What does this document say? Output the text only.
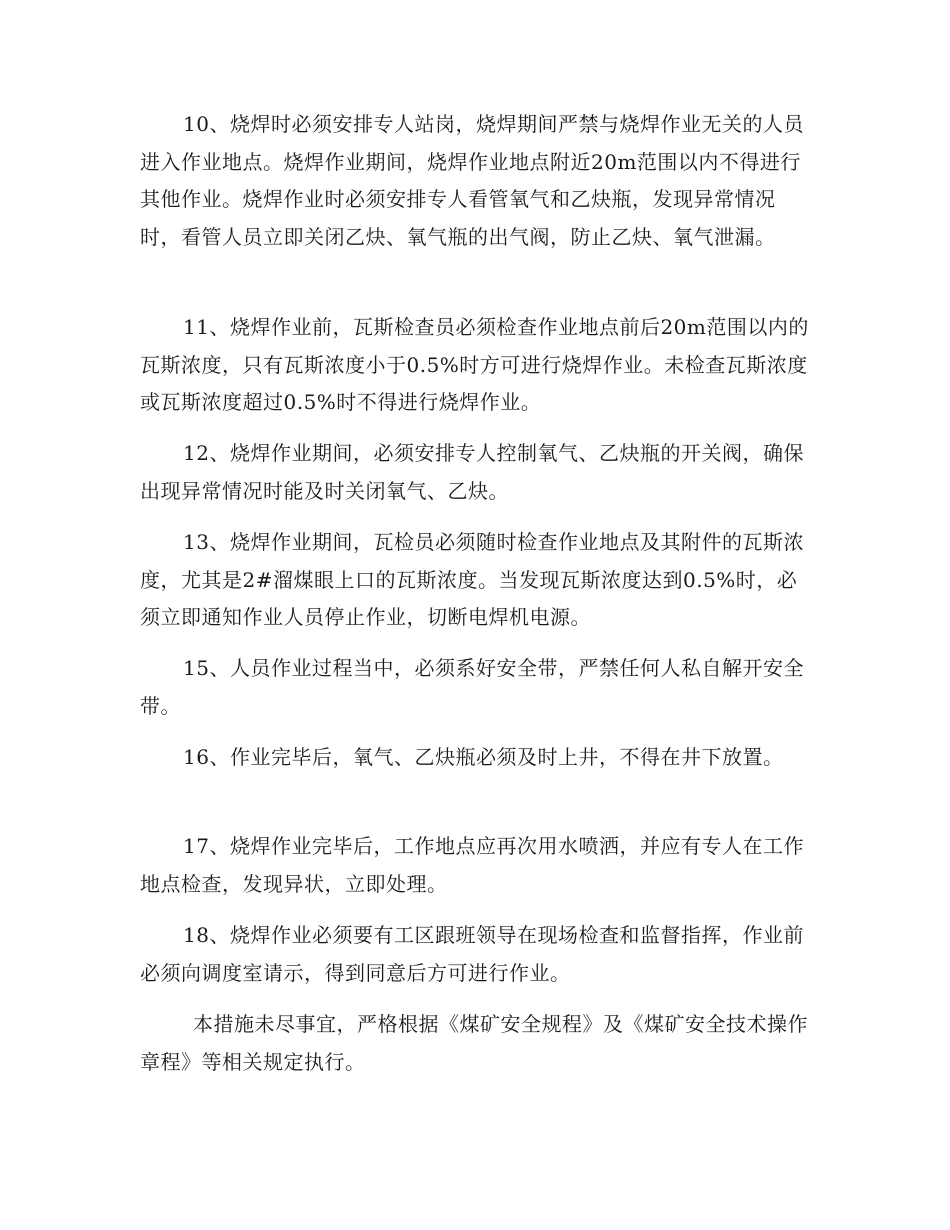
10、烧焊时必须安排专人站岗，烧焊期间严禁与烧焊作业无关的人员进入作业地点。烧焊作业期间，烧焊作业地点附近20m范围以内不得进行其他作业。烧焊作业时必须安排专人看管氧气和乙炔瓶，发现异常情况时，看管人员立即关闭乙炔、氧气瓶的出气阀，防止乙炔、氧气泄漏。

11、烧焊作业前，瓦斯检查员必须检查作业地点前后20m范围以内的瓦斯浓度，只有瓦斯浓度小于0.5%时方可进行烧焊作业。未检查瓦斯浓度或瓦斯浓度超过0.5%时不得进行烧焊作业。

12、烧焊作业期间，必须安排专人控制氧气、乙炔瓶的开关阀，确保出现异常情况时能及时关闭氧气、乙炔。

13、烧焊作业期间，瓦检员必须随时检查作业地点及其附件的瓦斯浓度，尤其是2#溜煤眼上口的瓦斯浓度。当发现瓦斯浓度达到0.5%时，必须立即通知作业人员停止作业，切断电焊机电源。

15、人员作业过程当中，必须系好安全带，严禁任何人私自解开安全带。

16、作业完毕后，氧气、乙炔瓶必须及时上井，不得在井下放置。

17、烧焊作业完毕后，工作地点应再次用水喷洒，并应有专人在工作地点检查，发现异状，立即处理。

18、烧焊作业必须要有工区跟班领导在现场检查和监督指挥，作业前必须向调度室请示，得到同意后方可进行作业。

本措施未尽事宜，严格根据《煤矿安全规程》及《煤矿安全技术操作章程》等相关规定执行。
